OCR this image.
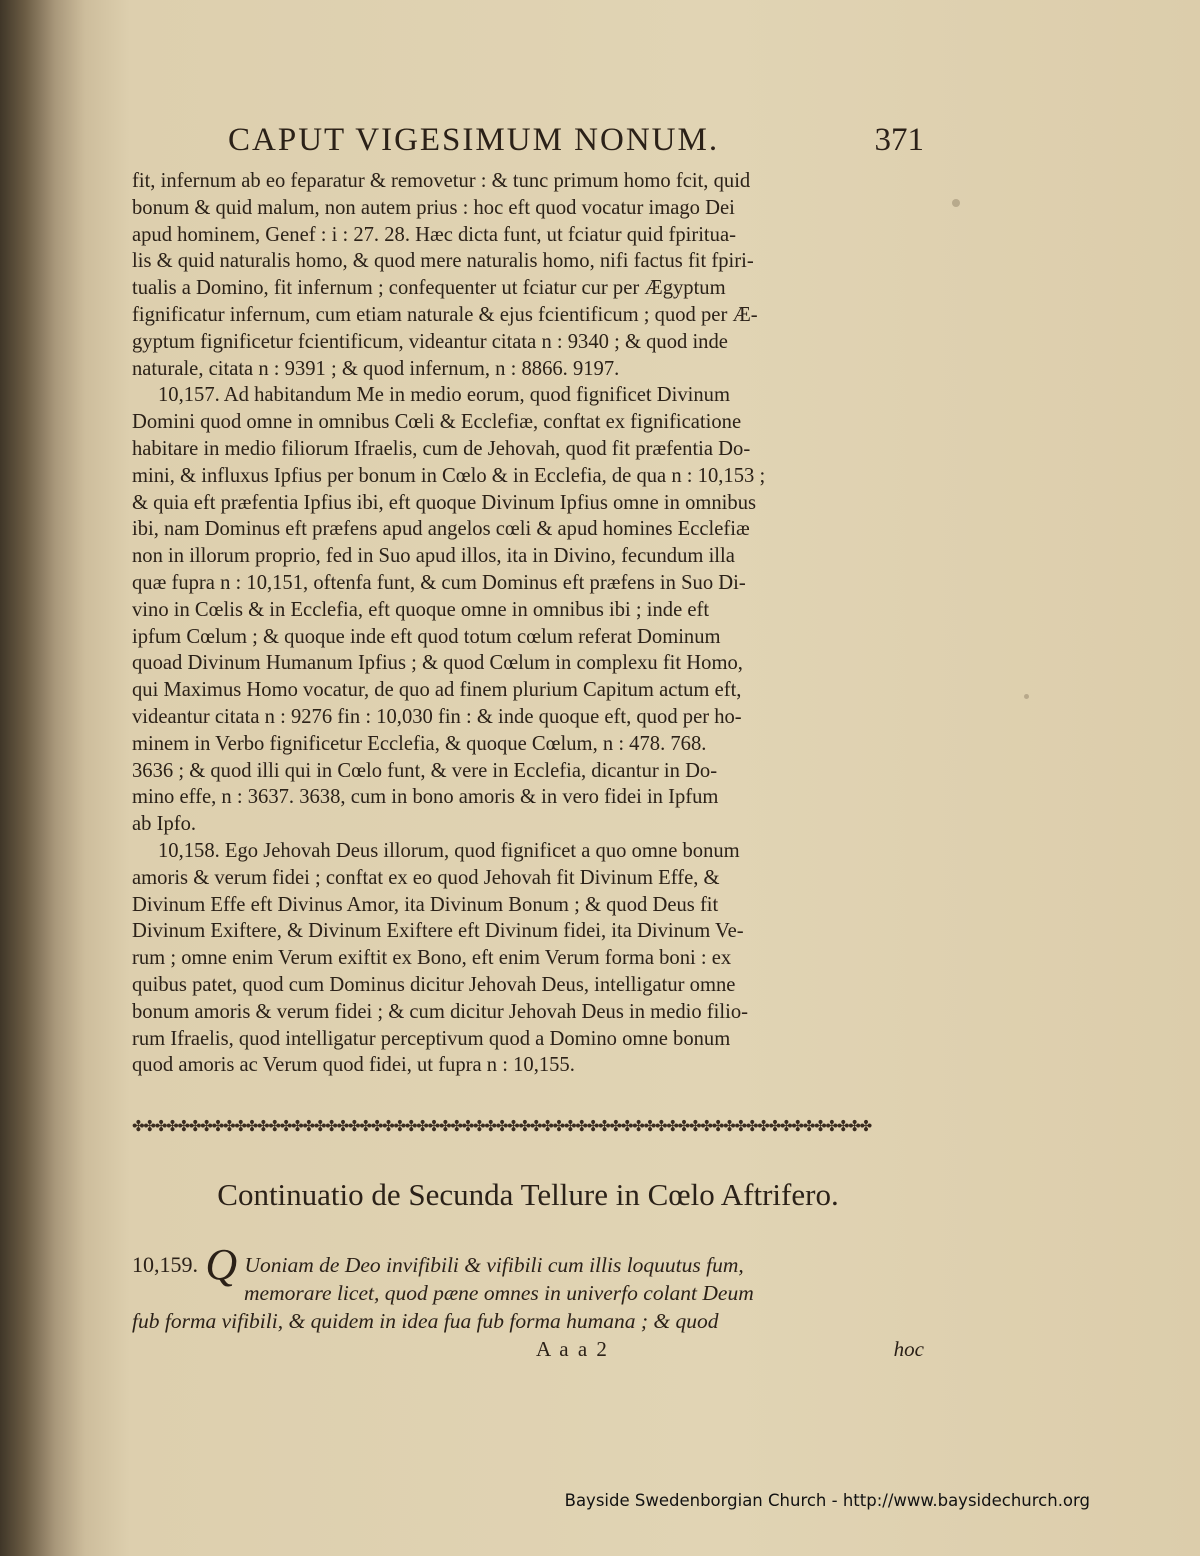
CAPUT VIGESIMUM NONUM.	371

fit, infernum ab eo feparatur & removetur : & tunc primum homo fcit, quid

bonum & quid malum, non autem prius : hoc eft quod vocatur imago Dei

apud hominem, Genef : i : 27. 28. Hæc dicta funt, ut fciatur quid fpiritua-

lis & quid naturalis homo, & quod mere naturalis homo, nifi factus fit fpiri-

tualis a Domino, fit infernum ; confequenter ut fciatur cur per Ægyptum

fignificatur infernum, cum etiam naturale & ejus fcientificum ; quod per Æ-

gyptum fignificetur fcientificum, videantur citata n : 9340 ; & quod inde

naturale, citata n : 9391 ; & quod infernum, n : 8866. 9197.

10,157. Ad habitandum Me in medio eorum, quod fignificet Divinum

Domini quod omne in omnibus Cœli & Ecclefiæ, conftat ex fignificatione

habitare in medio filiorum Ifraelis, cum de Jehovah, quod fit præfentia Do-

mini, & influxus Ipfius per bonum in Cœlo & in Ecclefia, de qua n : 10,153 ;

& quia eft præfentia Ipfius ibi, eft quoque Divinum Ipfius omne in omnibus

ibi, nam Dominus eft præfens apud angelos cœli & apud homines Ecclefiæ

non in illorum proprio, fed in Suo apud illos, ita in Divino, fecundum illa

quæ fupra n : 10,151, oftenfa funt, & cum Dominus eft præfens in Suo Di-

vino in Cœlis & in Ecclefia, eft quoque omne in omnibus ibi ; inde eft

ipfum Cœlum ; & quoque inde eft quod totum cœlum referat Dominum

quoad Divinum Humanum Ipfius ; & quod Cœlum in complexu fit Homo,

qui Maximus Homo vocatur, de quo ad finem plurium Capitum actum eft,

videantur citata n : 9276 fin : 10,030 fin : & inde quoque eft, quod per ho-

minem in Verbo fignificetur Ecclefia, & quoque Cœlum, n : 478. 768.

3636 ; & quod illi qui in Cœlo funt, & vere in Ecclefia, dicantur in Do-

mino effe, n : 3637. 3638, cum in bono amoris & in vero fidei in Ipfum

ab Ipfo.

10,158. Ego Jehovah Deus illorum, quod fignificet a quo omne bonum

amoris & verum fidei ; conftat ex eo quod Jehovah fit Divinum Effe, &

Divinum Effe eft Divinus Amor, ita Divinum Bonum ; & quod Deus fit

Divinum Exiftere, & Divinum Exiftere eft Divinum fidei, ita Divinum Ve-

rum ; omne enim Verum exiftit ex Bono, eft enim Verum forma boni : ex

quibus patet, quod cum Dominus dicitur Jehovah Deus, intelligatur omne

bonum amoris & verum fidei ; & cum dicitur Jehovah Deus in medio filio-

rum Ifraelis, quod intelligatur perceptivum quod a Domino omne bonum

quod amoris ac Verum quod fidei, ut fupra n : 10,155.

✤✤✤✤✤✤✤✤✤✤✤✤✤✤✤✤✤✤✤✤✤✤✤✤✤✤✤✤✤✤✤✤✤✤✤✤✤✤✤✤✤✤✤✤✤✤✤✤✤✤✤✤✤✤✤✤✤✤✤✤✤✤✤✤✤
Continuatio de Secunda Tellure in Cœlo Aftrifero.
10,159. Q Uoniam de Deo invifibili & vifibili cum illis loquutus fum,
memorare licet, quod pæne omnes in univerfo colant Deum
fub forma vifibili, & quidem in idea fua fub forma humana ; & quod
A a a 2	hoc
Bayside Swedenborgian Church - http://www.baysidechurch.org
